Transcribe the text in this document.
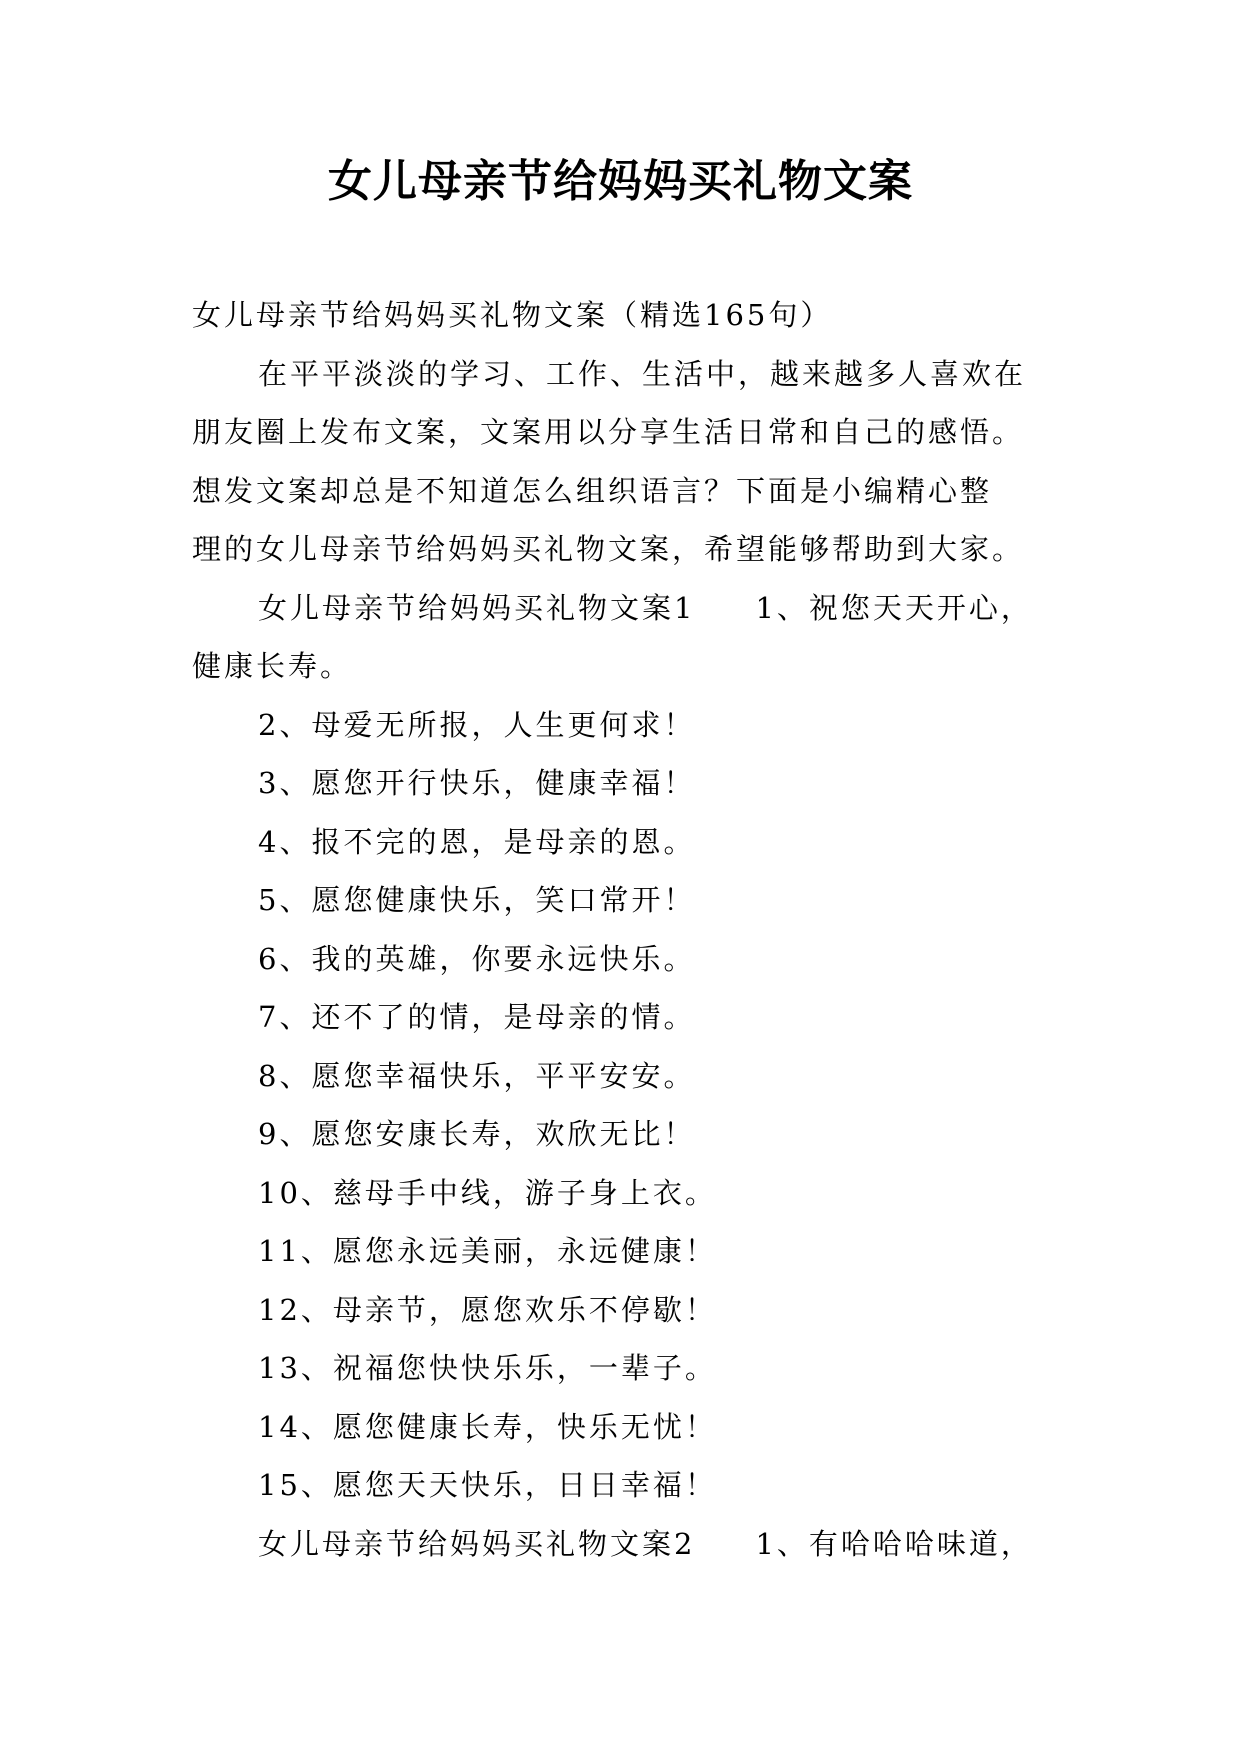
女儿母亲节给妈妈买礼物文案
女儿母亲节给妈妈买礼物文案（精选165句）
在平平淡淡的学习、工作、生活中，越来越多人喜欢在
朋友圈上发布文案，文案用以分享生活日常和自己的感悟。
想发文案却总是不知道怎么组织语言？下面是小编精心整
理的女儿母亲节给妈妈买礼物文案，希望能够帮助到大家。
女儿母亲节给妈妈买礼物文案1 1、祝您天天开心，
健康长寿。
2、母爱无所报，人生更何求！
3、愿您开行快乐，健康幸福！
4、报不完的恩，是母亲的恩。
5、愿您健康快乐，笑口常开！
6、我的英雄，你要永远快乐。
7、还不了的情，是母亲的情。
8、愿您幸福快乐，平平安安。
9、愿您安康长寿，欢欣无比！
10、慈母手中线，游子身上衣。
11、愿您永远美丽，永远健康！
12、母亲节，愿您欢乐不停歇！
13、祝福您快快乐乐，一辈子。
14、愿您健康长寿，快乐无忧！
15、愿您天天快乐，日日幸福！
女儿母亲节给妈妈买礼物文案2 1、有哈哈哈味道，
